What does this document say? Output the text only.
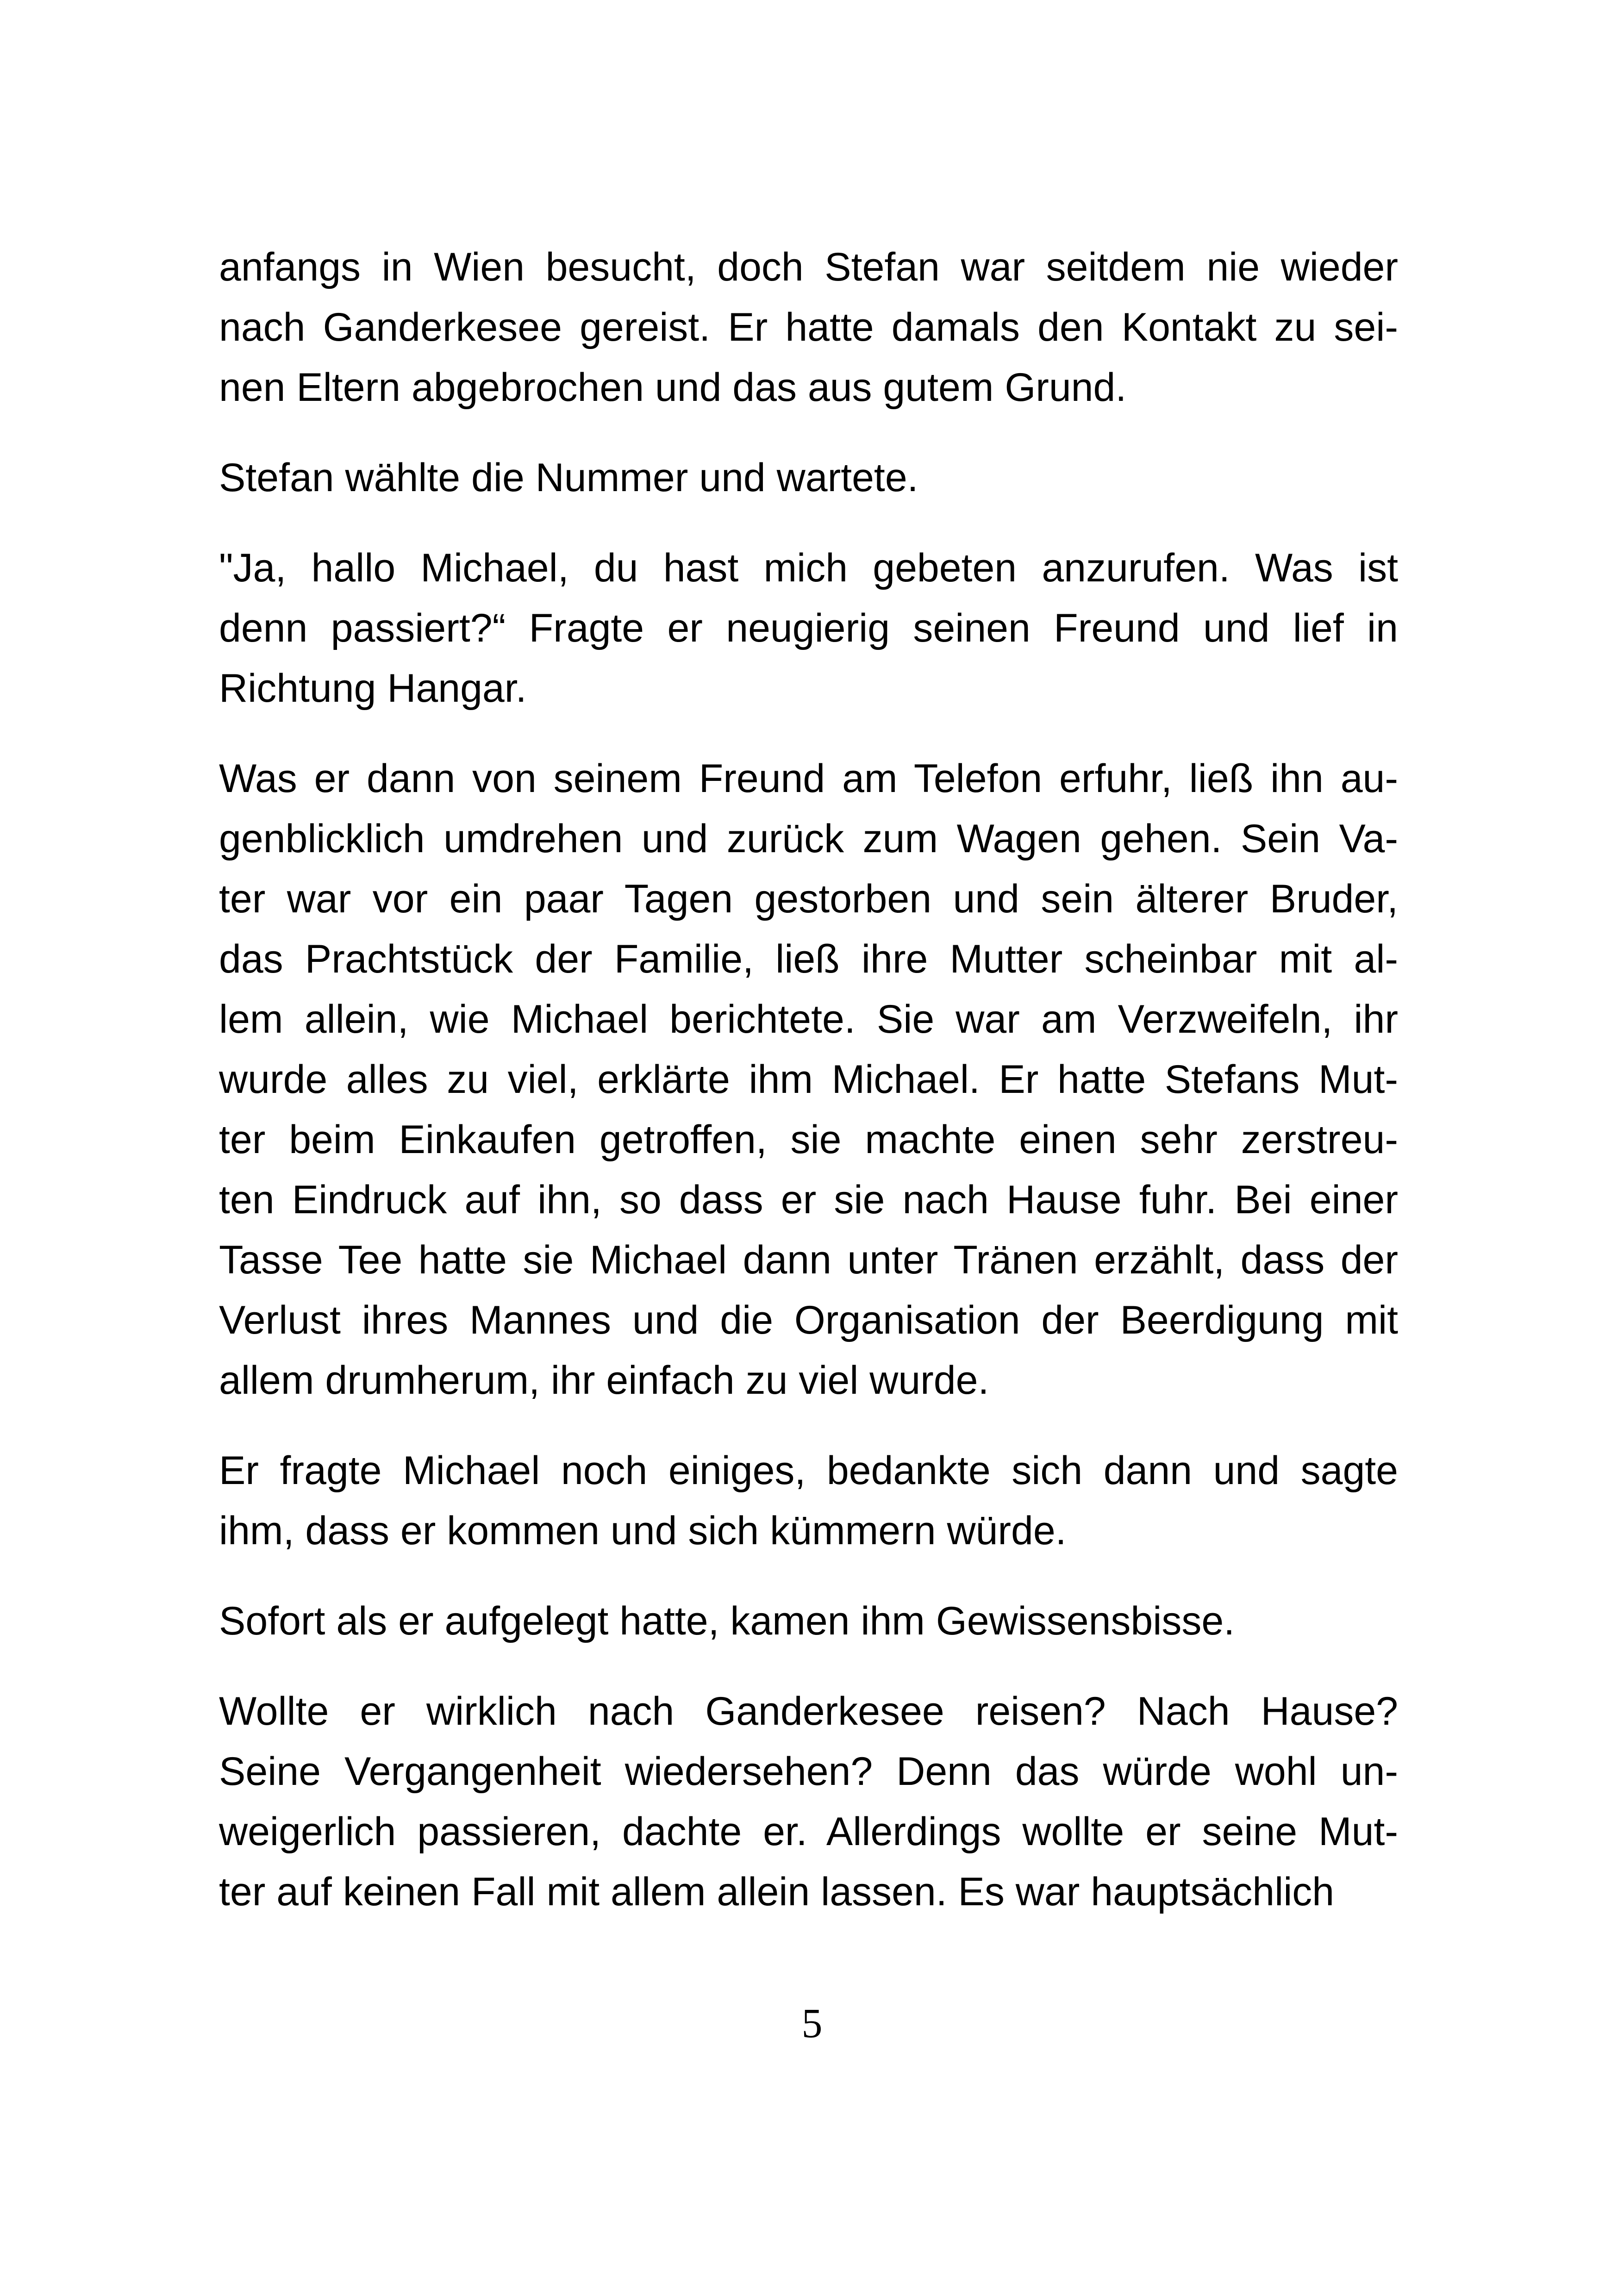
anfangs in Wien besucht, doch Stefan war seitdem nie wieder
nach Ganderkesee gereist. Er hatte damals den Kontakt zu sei-
nen Eltern abgebrochen und das aus gutem Grund.

Stefan wählte die Nummer und wartete.

"Ja, hallo Michael, du hast mich gebeten anzurufen. Was ist
denn passiert?“ Fragte er neugierig seinen Freund und lief in
Richtung Hangar.

Was er dann von seinem Freund am Telefon erfuhr, ließ ihn au-
genblicklich umdrehen und zurück zum Wagen gehen. Sein Va-
ter war vor ein paar Tagen gestorben und sein älterer Bruder,
das Prachtstück der Familie, ließ ihre Mutter scheinbar mit al-
lem allein, wie Michael berichtete. Sie war am Verzweifeln, ihr
wurde alles zu viel, erklärte ihm Michael. Er hatte Stefans Mut-
ter beim Einkaufen getroffen, sie machte einen sehr zerstreu-
ten Eindruck auf ihn, so dass er sie nach Hause fuhr. Bei einer
Tasse Tee hatte sie Michael dann unter Tränen erzählt, dass der
Verlust ihres Mannes und die Organisation der Beerdigung mit
allem drumherum, ihr einfach zu viel wurde.

Er fragte Michael noch einiges, bedankte sich dann und sagte
ihm, dass er kommen und sich kümmern würde.

Sofort als er aufgelegt hatte, kamen ihm Gewissensbisse.

Wollte er wirklich nach Ganderkesee reisen? Nach Hause?
Seine Vergangenheit wiedersehen? Denn das würde wohl un-
weigerlich passieren, dachte er. Allerdings wollte er seine Mut-
ter auf keinen Fall mit allem allein lassen. Es war hauptsächlich

5
